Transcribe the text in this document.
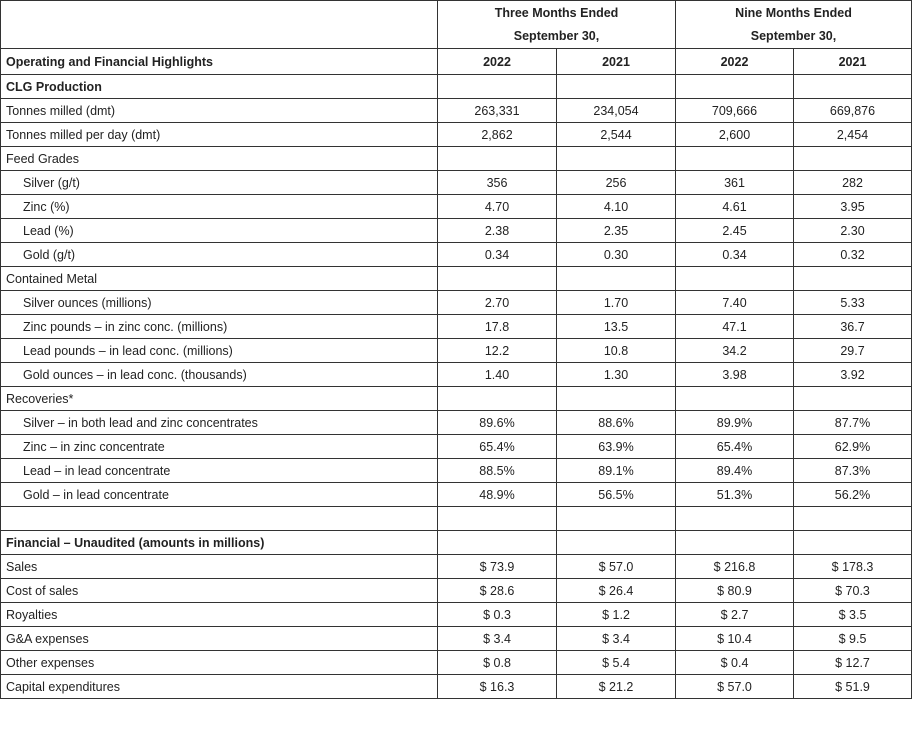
	Three Months Ended		Nine Months Ended	
	September 30,		September 30,	
Operating and Financial Highlights	2022	2021	2022	2021
CLG Production				
Tonnes milled (dmt)	263,331	234,054	709,666	669,876
Tonnes milled per day (dmt)	2,862	2,544	2,600	2,454
Feed Grades				
Silver (g/t)	356	256	361	282
Zinc (%)	4.70	4.10	4.61	3.95
Lead (%)	2.38	2.35	2.45	2.30
Gold (g/t)	0.34	0.30	0.34	0.32
Contained Metal				
Silver ounces (millions)	2.70	1.70	7.40	5.33
Zinc pounds – in zinc conc. (millions)	17.8	13.5	47.1	36.7
Lead pounds – in lead conc. (millions)	12.2	10.8	34.2	29.7
Gold ounces – in lead conc. (thousands)	1.40	1.30	3.98	3.92
Recoveries*				
Silver – in both lead and zinc concentrates	89.6%	88.6%	89.9%	87.7%
Zinc – in zinc concentrate	65.4%	63.9%	65.4%	62.9%
Lead – in lead concentrate	88.5%	89.1%	89.4%	87.3%
Gold – in lead concentrate	48.9%	56.5%	51.3%	56.2%

Financial – Unaudited (amounts in millions)				
Sales	$ 73.9	$ 57.0	$ 216.8	$ 178.3
Cost of sales	$ 28.6	$ 26.4	$ 80.9	$ 70.3
Royalties	$ 0.3	$ 1.2	$ 2.7	$ 3.5
G&A expenses	$ 3.4	$ 3.4	$ 10.4	$ 9.5
Other expenses	$ 0.8	$ 5.4	$ 0.4	$ 12.7
Capital expenditures	$ 16.3	$ 21.2	$ 57.0	$ 51.9
